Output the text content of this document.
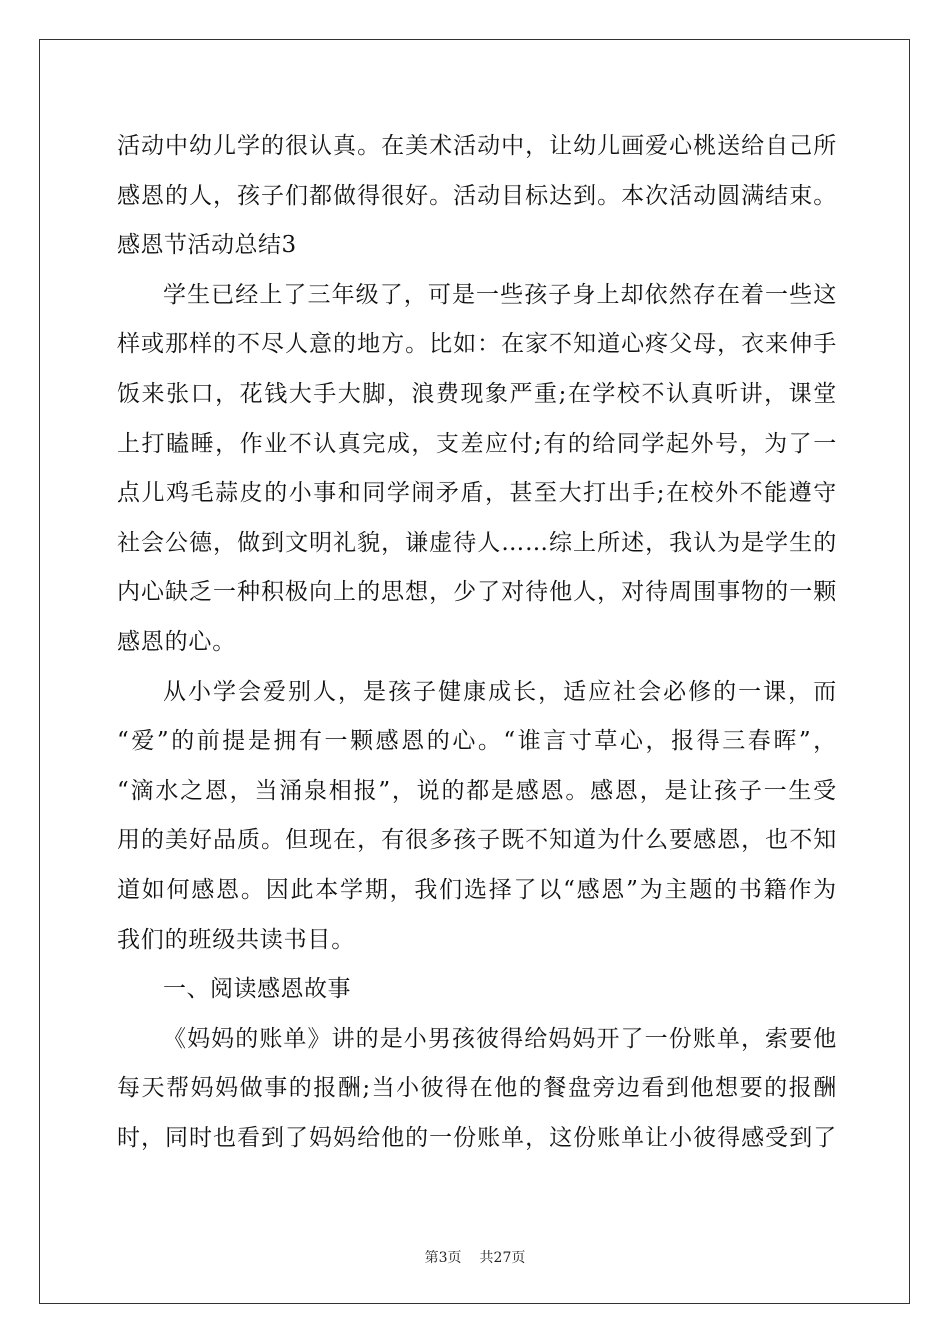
活动中幼儿学的很认真。在美术活动中，让幼儿画爱心桃送给自己所
感恩的人，孩子们都做得很好。活动目标达到。本次活动圆满结束。
感恩节活动总结3
学生已经上了三年级了，可是一些孩子身上却依然存在着一些这
样或那样的不尽人意的地方。比如：在家不知道心疼父母，衣来伸手
饭来张口，花钱大手大脚，浪费现象严重;在学校不认真听讲，课堂
上打瞌睡，作业不认真完成，支差应付;有的给同学起外号，为了一
点儿鸡毛蒜皮的小事和同学闹矛盾，甚至大打出手;在校外不能遵守
社会公德，做到文明礼貌，谦虚待人……综上所述，我认为是学生的
内心缺乏一种积极向上的思想，少了对待他人，对待周围事物的一颗
感恩的心。
从小学会爱别人，是孩子健康成长，适应社会必修的一课，而
“爱”的前提是拥有一颗感恩的心。“谁言寸草心，报得三春晖”，
“滴水之恩，当涌泉相报”，说的都是感恩。感恩，是让孩子一生受
用的美好品质。但现在，有很多孩子既不知道为什么要感恩，也不知
道如何感恩。因此本学期，我们选择了以“感恩”为主题的书籍作为
我们的班级共读书目。
一、阅读感恩故事
《妈妈的账单》讲的是小男孩彼得给妈妈开了一份账单，索要他
每天帮妈妈做事的报酬;当小彼得在他的餐盘旁边看到他想要的报酬
时，同时也看到了妈妈给他的一份账单，这份账单让小彼得感受到了
第3页 共27页
